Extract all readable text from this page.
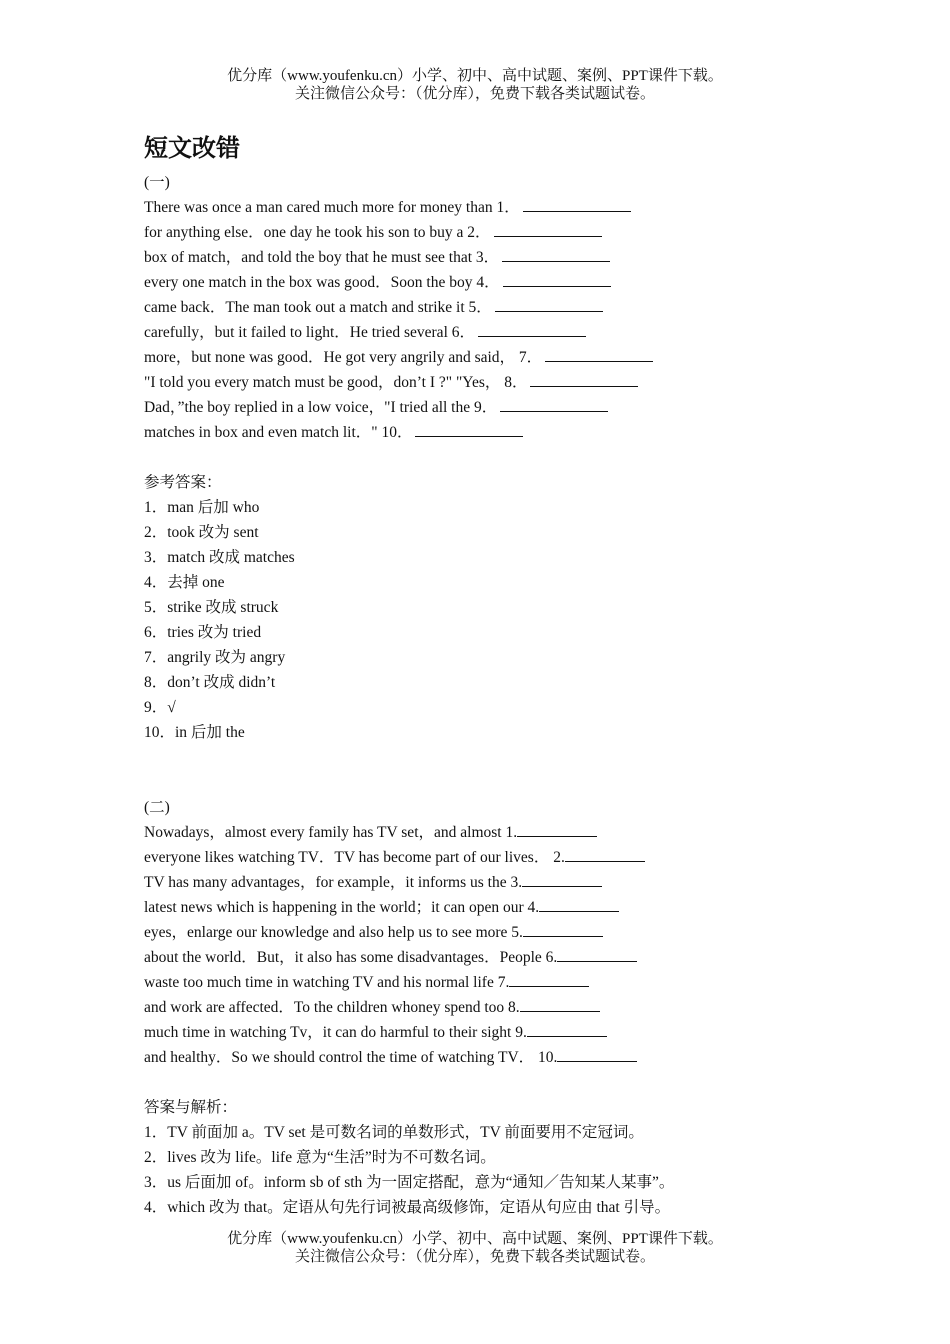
优分库（www.youfenku.cn）小学、初中、高中试题、案例、PPT课件下载。
关注微信公众号：（优分库），免费下载各类试题试卷。
短文改错
(一)
There was once a man cared much more for money than 1．
for anything else．one day he took his son to buy a 2．
box of match，and told the boy that he must see that 3．
every one match in the box was good．Soon the boy 4．
came back．The man took out a match and strike it 5．
carefully，but it failed to light．He tried several 6．
more，but none was good．He got very angrily and said， 7．
"I told you every match must be good，don’t I ?" "Yes， 8．
Dad，”the boy replied in a low voice，"I tried all the 9．
matches in box and even match lit．" 10．
参考答案：
1．man 后加 who
2．took 改为 sent
3．match 改成 matches
4．去掉 one
5．strike 改成 struck
6．tries 改为 tried
7．angrily 改为 angry
8．don’t 改成 didn’t
9．√
10．in 后加 the
(二)
Nowadays，almost every family has TV set，and almost 1.
everyone likes watching TV．TV has become part of our lives． 2.
TV has many advantages，for example，it informs us the 3.
latest news which is happening in the world；it can open our 4.
eyes，enlarge our knowledge and also help us to see more 5.
about the world．But，it also has some disadvantages．People 6.
waste too much time in watching TV and his normal life 7.
and work are affected．To the children whoney spend too 8.
much time in watching Tv，it can do harmful to their sight 9.
and healthy．So we should control the time of watching TV． 10.
答案与解析：
1．TV 前面加 a。TV set 是可数名词的单数形式，TV 前面要用不定冠词。
2．lives 改为 life。life 意为“生活”时为不可数名词。
3．us 后面加 of。inform sb of sth 为一固定搭配，意为“通知／告知某人某事”。
4．which 改为 that。定语从句先行词被最高级修饰，定语从句应由 that 引导。
优分库（www.youfenku.cn）小学、初中、高中试题、案例、PPT课件下载。
关注微信公众号：（优分库），免费下载各类试题试卷。
